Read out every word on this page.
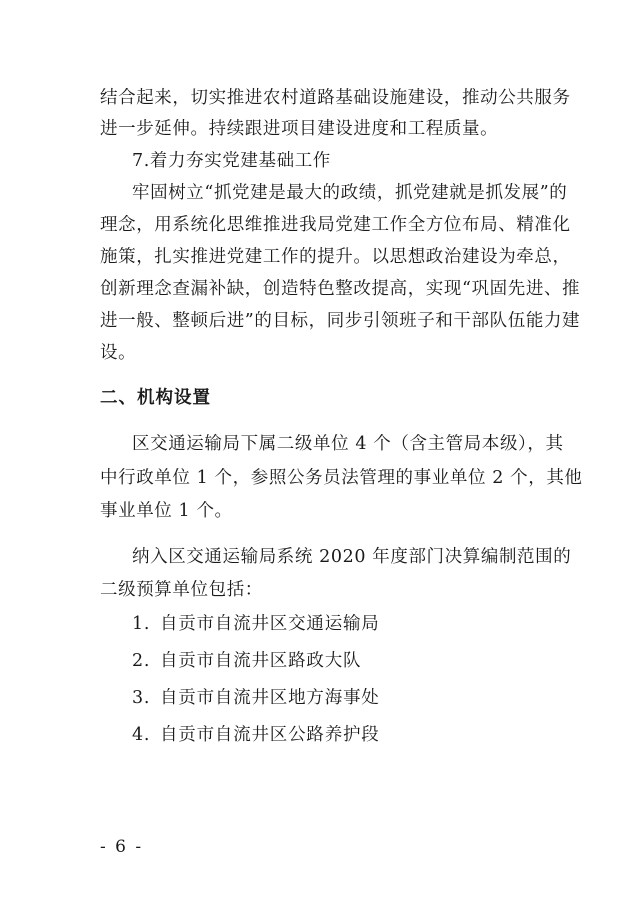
结合起来，切实推进农村道路基础设施建设，推动公共服务
进一步延伸。持续跟进项目建设进度和工程质量。
7.着力夯实党建基础工作
牢固树立“抓党建是最大的政绩，抓党建就是抓发展”的
理念，用系统化思维推进我局党建工作全方位布局、精准化
施策，扎实推进党建工作的提升。以思想政治建设为牵总，
创新理念查漏补缺，创造特色整改提高，实现“巩固先进、推
进一般、整顿后进”的目标，同步引领班子和干部队伍能力建
设。
二、机构设置
区交通运输局下属二级单位 4 个（含主管局本级），其
中行政单位 1 个，参照公务员法管理的事业单位 2 个，其他
事业单位 1 个。
纳入区交通运输局系统 2020 年度部门决算编制范围的
二级预算单位包括：
1. 自贡市自流井区交通运输局
2. 自贡市自流井区路政大队
3. 自贡市自流井区地方海事处
4. 自贡市自流井区公路养护段
- 6 -
